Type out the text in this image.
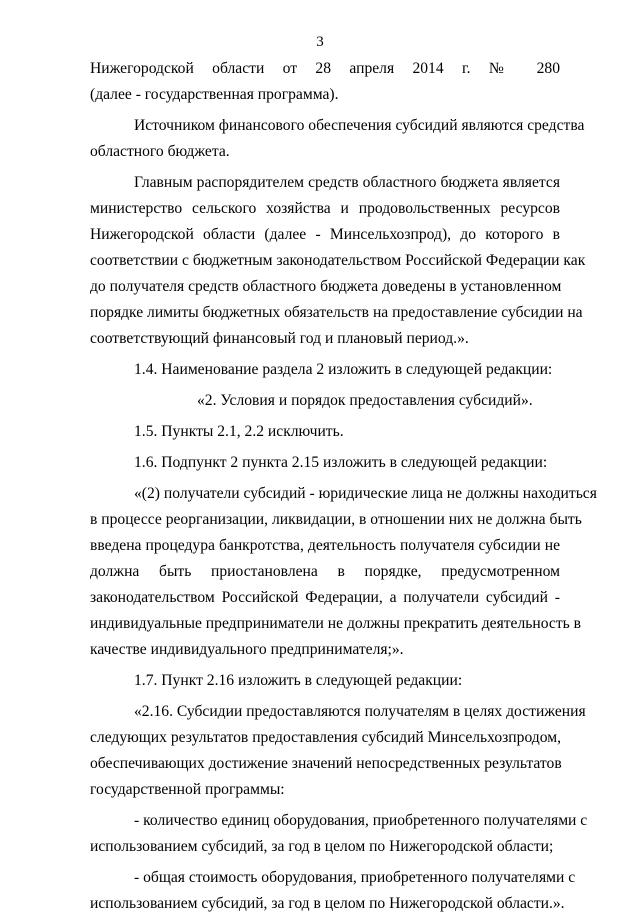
3
Нижегородской области от 28 апреля 2014 г. № 280
(далее - государственная программа).
Источником финансового обеспечения субсидий являются средства
областного бюджета.
Главным распорядителем средств областного бюджета является
министерство сельского хозяйства и продовольственных ресурсов
Нижегородской области (далее - Минсельхозпрод), до которого в
соответствии с бюджетным законодательством Российской Федерации как
до получателя средств областного бюджета доведены в установленном
порядке лимиты бюджетных обязательств на предоставление субсидии на
соответствующий финансовый год и плановый период.».
1.4. Наименование раздела 2 изложить в следующей редакции:
«2. Условия и порядок предоставления субсидий».
1.5. Пункты 2.1, 2.2 исключить.
1.6. Подпункт 2 пункта 2.15 изложить в следующей редакции:
«(2) получатели субсидий - юридические лица не должны находиться
в процессе реорганизации, ликвидации, в отношении них не должна быть
введена процедура банкротства, деятельность получателя субсидии не
должна быть приостановлена в порядке, предусмотренном
законодательством Российской Федерации, а получатели субсидий -
индивидуальные предприниматели не должны прекратить деятельность в
качестве индивидуального предпринимателя;».
1.7. Пункт 2.16 изложить в следующей редакции:
«2.16. Субсидии предоставляются получателям в целях достижения
следующих результатов предоставления субсидий Минсельхозпродом,
обеспечивающих достижение значений непосредственных результатов
государственной программы:
- количество единиц оборудования, приобретенного получателями с
использованием субсидий, за год в целом по Нижегородской области;
- общая стоимость оборудования, приобретенного получателями с
использованием субсидий, за год в целом по Нижегородской области.».
